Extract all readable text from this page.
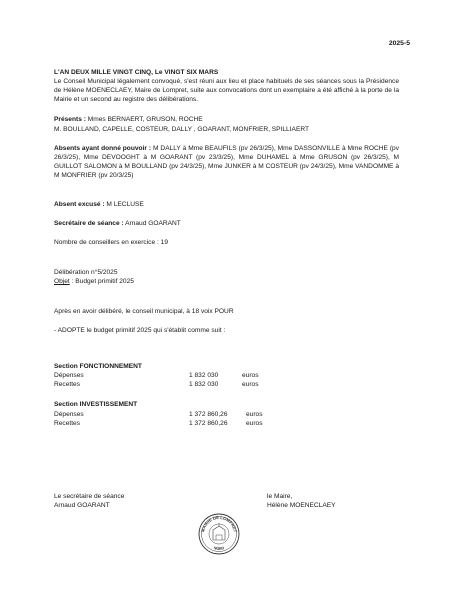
2025-5
L'AN DEUX MILLE VINGT CINQ, Le VINGT SIX MARS
Le Conseil Municipal légalement convoqué, s'est réuni aux lieu et place habituels de ses séances sous la Présidence de Hélène MOENECLAEY, Maire de Lompret, suite aux convocations dont un exemplaire a été affiché à la porte de la Mairie et un second au registre des délibérations.
Présents : Mmes BERNAERT, GRUSON, ROCHE
M. BOULLAND, CAPELLE, COSTEUR, DALLY , GOARANT, MONFRIER, SPILLIAERT
Absents ayant donné pouvoir : M DALLY à Mme BEAUFILS (pv 26/3/25), Mme DASSONVILLE à Mme ROCHE (pv 26/3/25), Mme DEVOOGHT à M GOARANT (pv 23/3/25), Mme DUHAMEL à Mme GRUSON (pv 26/3/25), M GUILLOT SALOMON à M BOULLAND (pv 24/3/25), Mme JUNKER à M COSTEUR (pv 24/3/25), Mme VANDOMME à M MONFRIER (pv 20/3/25)
Absent excusé : M LECLUSE
Secrétaire de séance : Arnaud GOARANT
Nombre de conseillers en exercice : 19
Délibération n°5/2025
Objet : Budget primitif 2025
Après en avoir délibéré, le conseil municipal, à 18 voix POUR
- ADOPTE le budget primitif 2025 qui s'établit comme suit :
Section FONCTIONNEMENT
Dépenses	1 832 030	euros
Recettes	1 832 030	euros
Section INVESTISSEMENT
Dépenses	1 372 860,26	euros
Recettes	1 372 860,26	euros
Le secrétaire de séance
Arnaud GOARANT
le Maire,
Hélène MOENECLAEY
MAIRIE DE LOMPRET
NORD
